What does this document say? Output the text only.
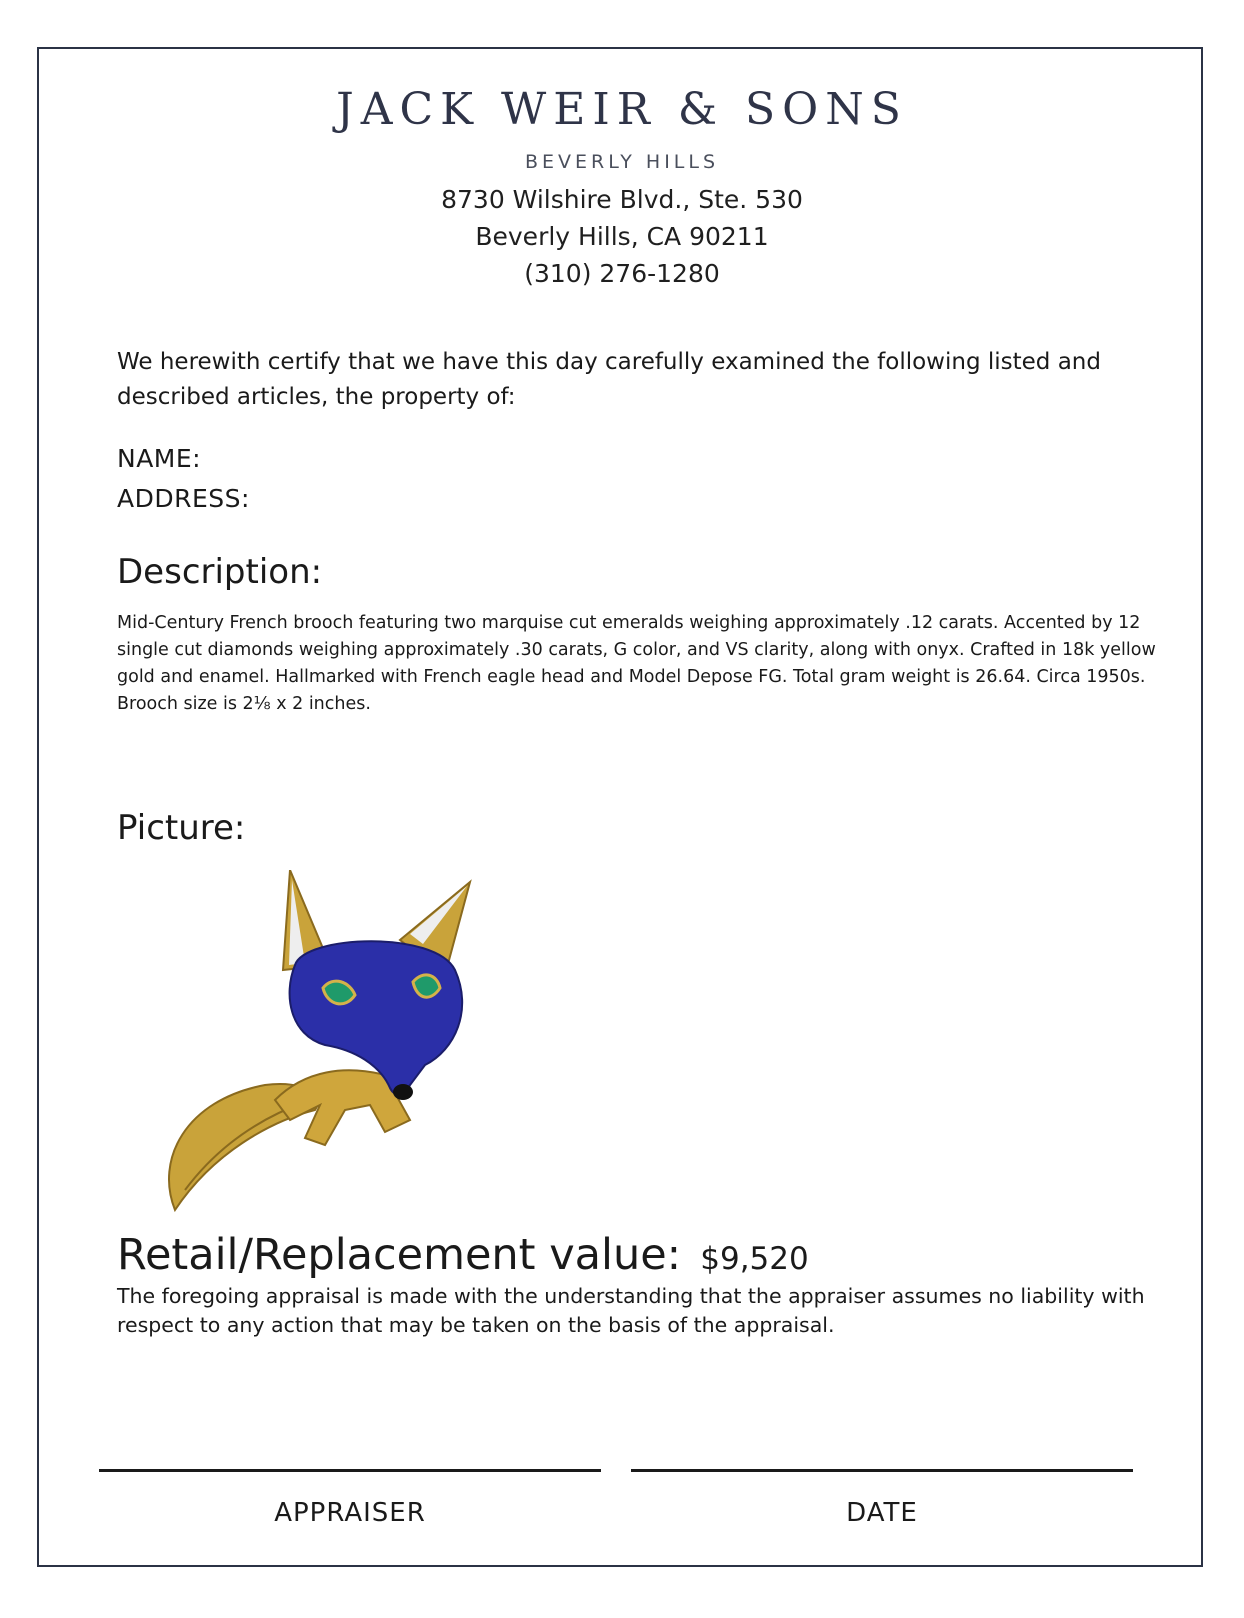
JACK WEIR & SONS
BEVERLY HILLS
8730 Wilshire Blvd., Ste. 530
Beverly Hills, CA 90211
(310) 276-1280
We herewith certify that we have this day carefully examined the following listed and described articles, the property of:
NAME:
ADDRESS:
Description:
Mid-Century French brooch featuring two marquise cut emeralds weighing approximately .12 carats. Accented by 12 single cut diamonds weighing approximately .30 carats, G color, and VS clarity, along with onyx. Crafted in 18k yellow gold and enamel. Hallmarked with French eagle head and Model Depose FG. Total gram weight is 26.64. Circa 1950s. Brooch size is 2⅛ x 2 inches.
Picture:
Retail/Replacement value: $9,520
The foregoing appraisal is made with the understanding that the appraiser assumes no liability with respect to any action that may be taken on the basis of the appraisal.
APPRAISER	DATE
